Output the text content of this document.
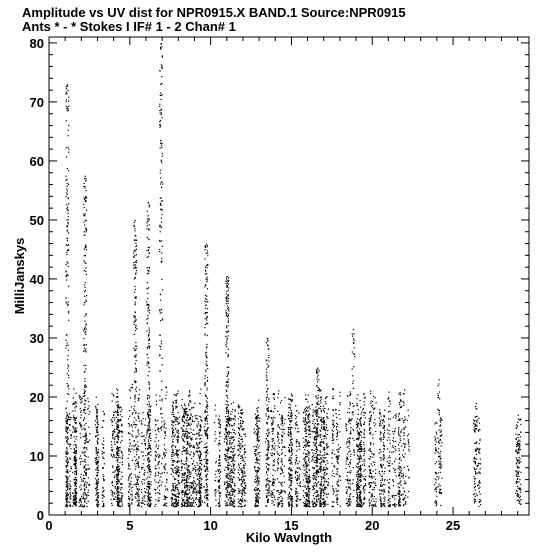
Amplitude vs UV dist for NPR0915.X BAND.1 Source:NPR0915
Ants * - * Stokes I IF# 1 - 2 Chan# 1
0	5	10	15	20	25
0
10
20
30
40
50
60
70
80
Kilo Wavlngth
MilliJanskys
